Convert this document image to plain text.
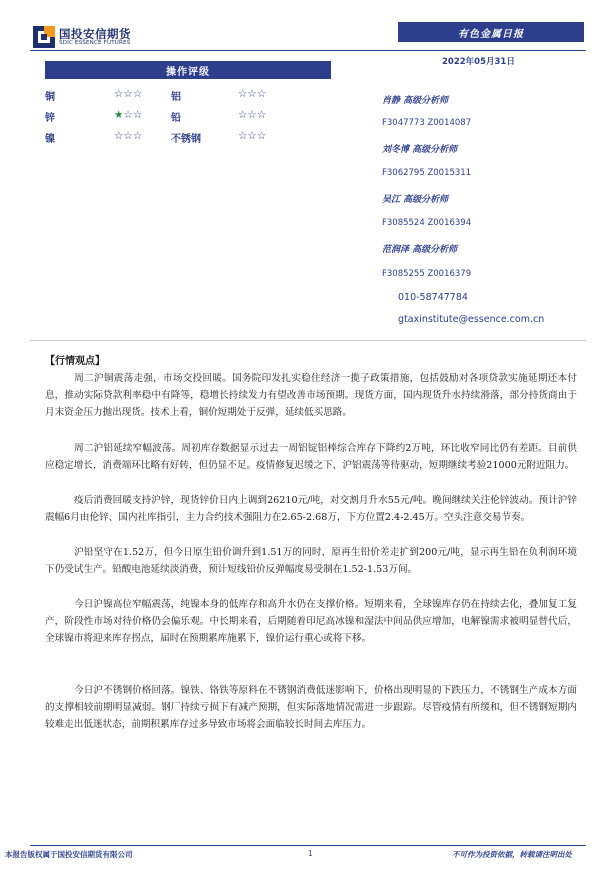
国投安信期货
SDIC ESSENCE FUTURES
有色金属日报
2022年05月31日
操作评级
铜	☆☆☆	铝	☆☆☆
锌	★☆☆	铅	☆☆☆
镍	☆☆☆	不锈钢	☆☆☆
肖静 高级分析师
F3047773 Z0014087
刘冬博 高级分析师
F3062795 Z0015311
吴江 高级分析师
F3085524 Z0016394
范润泽 高级分析师
F3085255 Z0016379
010-58747784
gtaxinstitute@essence.com.cn
【行情观点】
周二沪铜震荡走强，市场交投回暖。国务院印发扎实稳住经济一揽子政策措施，包括鼓励对各项贷款实施延期还本付息，推动实际贷款利率稳中有降等，稳增长持续发力有望改善市场预期。现货方面，国内现货升水持续滑落，部分持货商由于月末资金压力抛出现货。技术上看，铜价短期处于反弹，延续低买思路。
周二沪铝延续窄幅波荡。周初库存数据显示过去一周铝锭铝棒综合库存下降约2万吨，环比收窄同比仍有差距。目前供应稳定增长，消费端环比略有好转，但仍显不足。疫情修复迟缓之下，沪铝震荡等待驱动，短期继续考验21000元附近阻力。
疫后消费回暖支持沪锌，现货锌价日内上调到26210元/吨，对交割月升水55元/吨。晚间继续关注伦锌波动。预计沪锌震幅6月由伦锌、国内社库指引，主力合约技术强阻力在2.65-2.68万，下方位置2.4-2.45万。空头注意交易节奏。
沪铅坚守在1.52万，但今日原生铅价调升到1.51万的同时，原再生铅价差走扩到200元/吨，显示再生铅在负利润环境下仍受试生产。铅酸电池延续淡消费，预计短线铅价反弹幅度易受制在1.52-1.53万间。
今日沪镍高位窄幅震荡，纯镍本身的低库存和高升水仍在支撑价格。短期来看，全球镍库存仍在持续去化，叠加复工复产，阶段性市场对待价格仍会偏乐观。中长期来看，后期随着印尼高冰镍和湿法中间品供应增加，电解镍需求被明显替代后，全球镍市将迎来库存拐点，届时在预期累库施累下，镍价运行重心或将下移。
今日沪不锈钢价格回落。镍铁、铬铁等原料在不锈钢消费低迷影响下，价格出现明显的下跌压力，不锈钢生产成本方面的支撑相较前期明显减弱。钢厂持续亏损下有减产预期，但实际落地情况需进一步跟踪。尽管疫情有所缓和，但不锈钢短期内较难走出低迷状态，前期积累库存过多导致市场将会面临较长时间去库压力。
本报告版权属于国投安信期货有限公司	1	不可作为投资依据，转载请注明出处
